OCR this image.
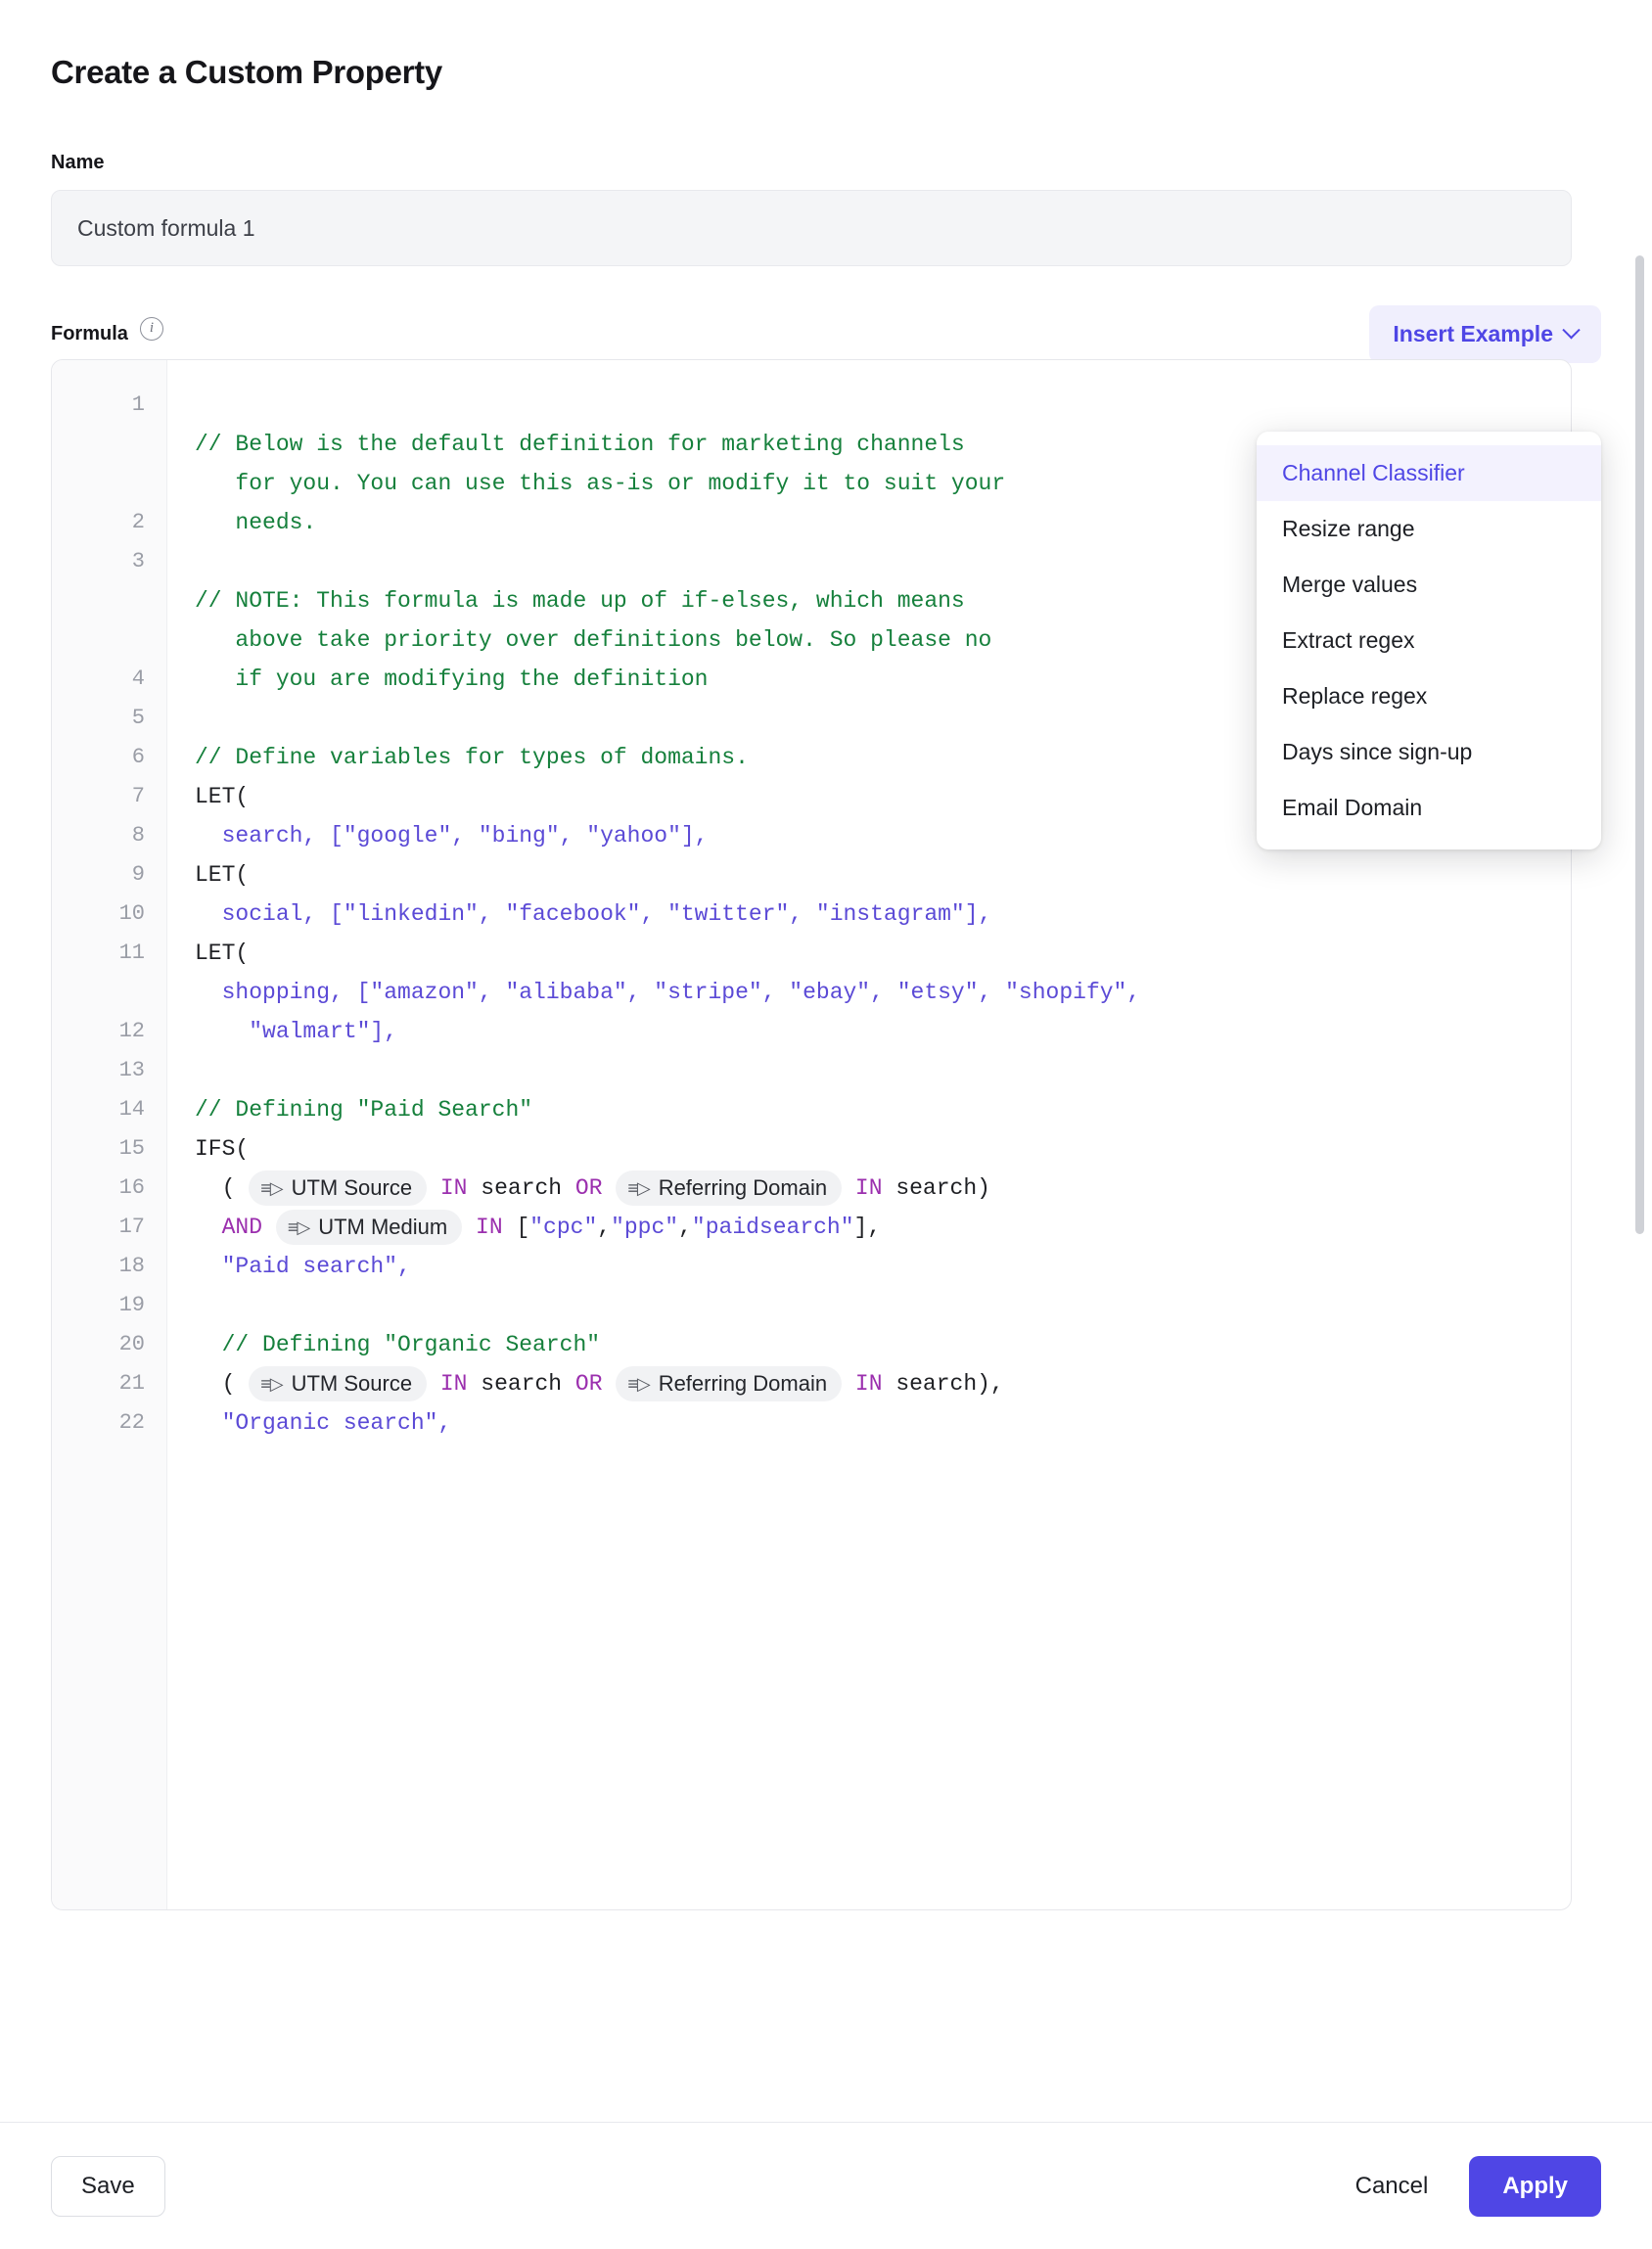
Create a Custom Property
Name
Custom formula 1
Formula	i	Insert Example
1
2
3
4
5
6
7
8
9
10
11
12
13
14
15
16
17
18
19
20
21
22

// Below is the default definition for marketing channels
for you. You can use this as-is or modify it to suit your
needs.

// NOTE: This formula is made up of if-elses, which means
above take priority over definitions below. So please no
if you are modifying the definition

// Define variables for types of domains.
LET(
search, ["google", "bing", "yahoo"],
LET(
social, ["linkedin", "facebook", "twitter", "instagram"],
LET(
shopping, ["amazon", "alibaba", "stripe", "ebay", "etsy", "shopify",
"walmart"],

// Defining "Paid Search"
IFS(
( ≡▷ UTM Source IN search OR ≡▷ Referring Domain IN search)
AND ≡▷ UTM Medium IN ["cpc","ppc","paidsearch"],
"Paid search",

// Defining "Organic Search"
( ≡▷ UTM Source IN search OR ≡▷ Referring Domain IN search),
"Organic search",

Channel Classifier
Resize range
Merge values
Extract regex
Replace regex
Days since sign-up
Email Domain
Save	Cancel	Apply
